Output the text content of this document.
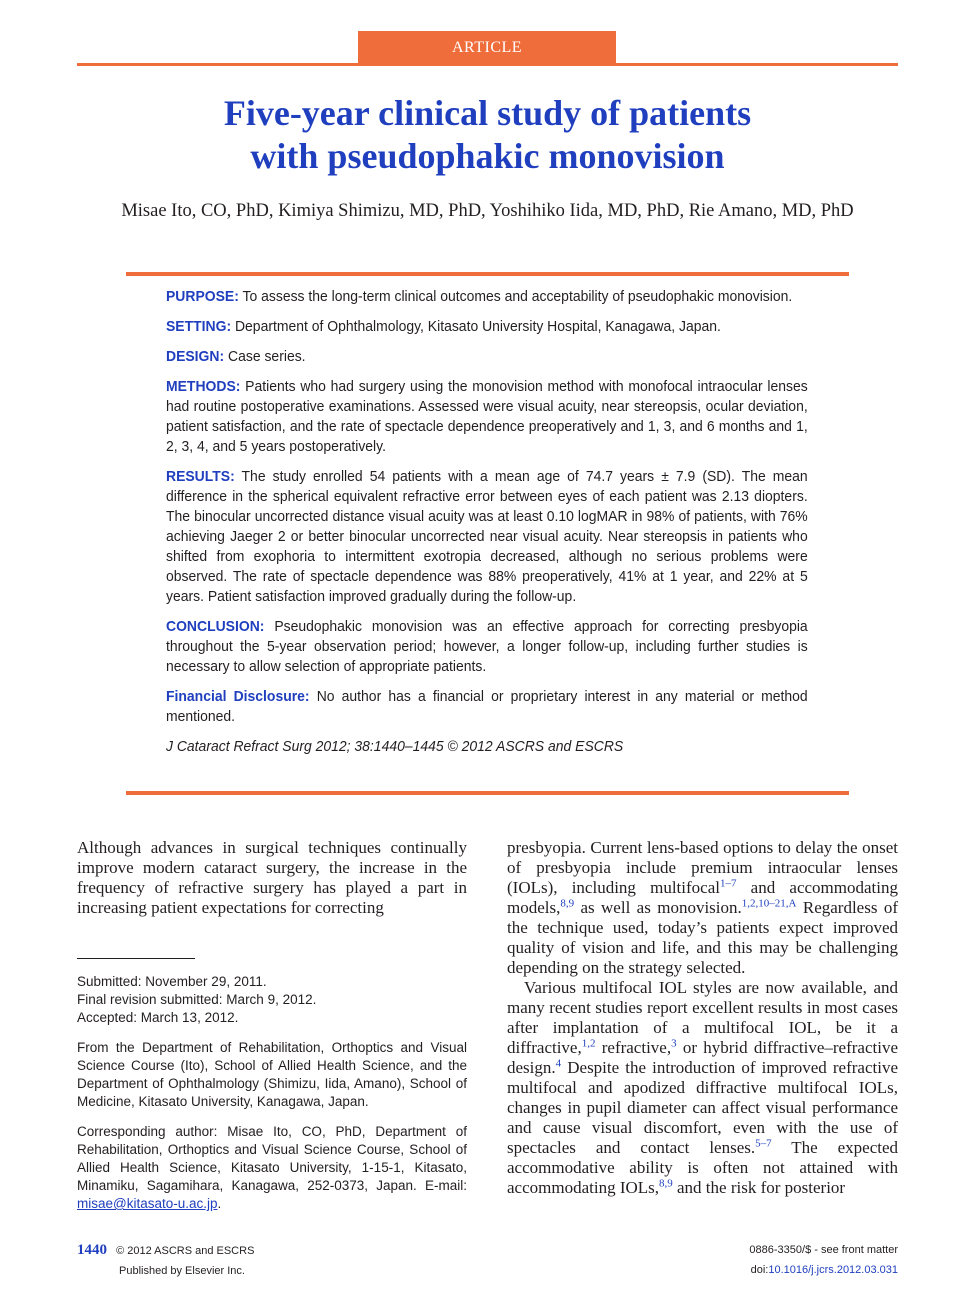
ARTICLE
Five-year clinical study of patients
with pseudophakic monovision
Misae Ito, CO, PhD, Kimiya Shimizu, MD, PhD, Yoshihiko Iida, MD, PhD, Rie Amano, MD, PhD

PURPOSE: To assess the long-term clinical outcomes and acceptability of pseudophakic monovision.

SETTING: Department of Ophthalmology, Kitasato University Hospital, Kanagawa, Japan.

DESIGN: Case series.

METHODS: Patients who had surgery using the monovision method with monofocal intraocular lenses had routine postoperative examinations. Assessed were visual acuity, near stereopsis, ocular deviation, patient satisfaction, and the rate of spectacle dependence preoperatively and 1, 3, and 6 months and 1, 2, 3, 4, and 5 years postoperatively.

RESULTS: The study enrolled 54 patients with a mean age of 74.7 years ± 7.9 (SD). The mean difference in the spherical equivalent refractive error between eyes of each patient was 2.13 diopters. The binocular uncorrected distance visual acuity was at least 0.10 logMAR in 98% of patients, with 76% achieving Jaeger 2 or better binocular uncorrected near visual acuity. Near stereopsis in patients who shifted from exophoria to intermittent exotropia decreased, although no serious problems were observed. The rate of spectacle dependence was 88% preoperatively, 41% at 1 year, and 22% at 5 years. Patient satisfaction improved gradually during the follow-up.

CONCLUSION: Pseudophakic monovision was an effective approach for correcting presbyopia throughout the 5-year observation period; however, a longer follow-up, including further studies is necessary to allow selection of appropriate patients.

Financial Disclosure: No author has a financial or proprietary interest in any material or method mentioned.

J Cataract Refract Surg 2012; 38:1440–1445 © 2012 ASCRS and ESCRS

Although advances in surgical techniques continually improve modern cataract surgery, the increase in the frequency of refractive surgery has played a part in increasing patient expectations for correcting

presbyopia. Current lens-based options to delay the onset of presbyopia include premium intraocular lenses (IOLs), including multifocal$^{1-7}$ and accommodating models,$^{8,9}$ as well as monovision.$^{1,2,10-21,A}$ Regardless of the technique used, today’s patients expect improved quality of vision and life, and this may be challenging depending on the strategy selected.

Various multifocal IOL styles are now available, and many recent studies report excellent results in most cases after implantation of a multifocal IOL, be it a diffractive,$^{1,2}$ refractive,$^3$ or hybrid diffractive–refractive design.$^4$ Despite the introduction of improved refractive multifocal and apodized diffractive multifocal IOLs, changes in pupil diameter can affect visual performance and cause visual discomfort, even with the use of spectacles and contact lenses.$^{5-7}$ The expected accommodative ability is often not attained with accommodating IOLs,$^{8,9}$ and the risk for posterior

Submitted: November 29, 2011.
Final revision submitted: March 9, 2012.
Accepted: March 13, 2012.

From the Department of Rehabilitation, Orthoptics and Visual Science Course (Ito), School of Allied Health Science, and the Department of Ophthalmology (Shimizu, Iida, Amano), School of Medicine, Kitasato University, Kanagawa, Japan.

Corresponding author: Misae Ito, CO, PhD, Department of Rehabilitation, Orthoptics and Visual Science Course, School of Allied Health Science, Kitasato University, 1-15-1, Kitasato, Minamiku, Sagamihara, Kanagawa, 252-0373, Japan. E-mail: misae@kitasato-u.ac.jp.

1440 © 2012 ASCRS and ESCRS
Published by Elsevier Inc.
0886-3350/$ - see front matter
doi:10.1016/j.jcrs.2012.03.031
